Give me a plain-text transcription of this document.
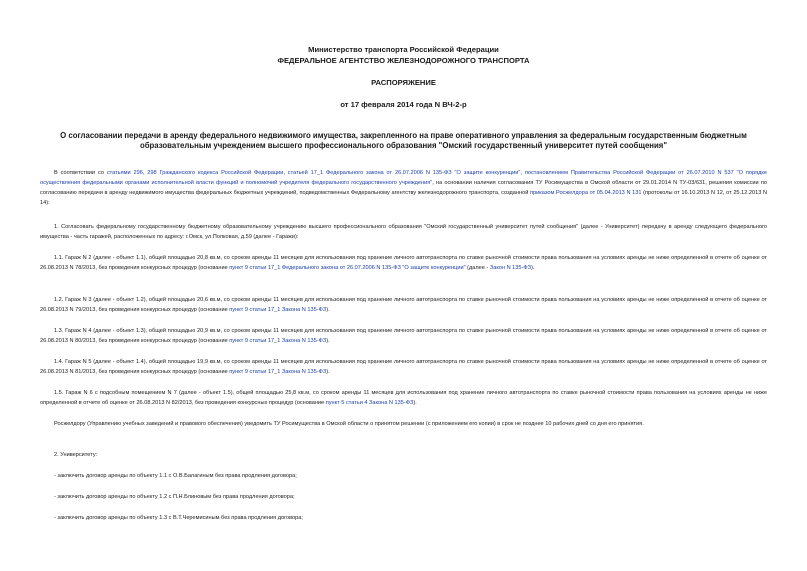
Министерство транспорта Российской Федерации
ФЕДЕРАЛЬНОЕ АГЕНТСТВО ЖЕЛЕЗНОДОРОЖНОГО ТРАНСПОРТА
РАСПОРЯЖЕНИЕ
от 17 февраля 2014 года N ВЧ-2-р
О согласовании передачи в аренду федерального недвижимого имущества, закрепленного на праве оперативного управления за федеральным государственным бюджетным образовательным учреждением высшего профессионального образования "Омский государственный университет путей сообщения"
В соответствии со статьями 296, 298 Гражданского кодекса Российской Федерации, статьей 17_1 Федерального закона от 26.07.2006 N 135-ФЗ "О защите конкуренции", постановлением Правительства Российской Федерации от 26.07.2010 N 537 "О порядке осуществления федеральными органами исполнительной власти функций и полномочий учредителя федерального государственного учреждения", на основании наличия согласования ТУ Росимущества в Омской области от 29.01.2014 N ТУ-03/631, решения комиссии по согласованию передачи в аренду недвижимого имущества федеральных бюджетных учреждений, подведомственных Федеральному агентству железнодорожного транспорта, созданной приказом Росжелдора от 05.04.2013 N 131 (протоколы от 16.10.2013 N 12, от 25.12.2013 N 14):
1. Согласовать федеральному государственному бюджетному образовательному учреждению высшего профессионального образования "Омский государственный университет путей сообщения" (далее - Университет) передачу в аренду следующего федерального имущества - часть гаражей, расположенных по адресу: г.Омск, ул.Полковая, д.59 (далее - Гаражи):
1.1. Гараж N 2 (далее - объект 1.1), общей площадью 20,8 кв.м, со сроком аренды 11 месяцев для использования под хранение личного автотранспорта по ставке рыночной стоимости права пользования на условиях аренды не ниже определенной в отчете об оценке от 26.08.2013 N 78/2013, без проведения конкурсных процедур (основание пункт 9 статьи 17_1 Федерального закона от 26.07.2006 N 135-ФЗ "О защите конкуренции" (далее - Закон N 135-ФЗ).
1.2. Гараж N 3 (далее - объект 1.2), общей площадью 20,6 кв.м, со сроком аренды 11 месяцев для использования под хранение личного автотранспорта по ставке рыночной стоимости права пользования на условиях аренды не ниже определенной в отчете об оценке от 26.08.2013 N 79/2013, без проведения конкурсных процедур (основание пункт 9 статьи 17_1 Закона N 135-ФЗ).
1.3. Гараж N 4 (далее - объект 1.3), общей площадью 20,9 кв.м, со сроком аренды 11 месяцев для использования под хранение личного автотранспорта по ставке рыночной стоимости права пользования на условиях аренды не ниже определенной в отчете об оценке от 26.08.2013 N 80/2013, без проведения конкурсных процедур (основание пункт 9 статьи 17_1 Закона N 135-ФЗ).
1.4. Гараж N 5 (далее - объект 1.4), общей площадью 19,9 кв.м, со сроком аренды 11 месяцев для использования под хранение личного автотранспорта по ставке рыночной стоимости права пользования на условиях аренды не ниже определенной в отчете об оценке от 26.08.2013 N 81/2013, без проведения конкурсных процедур (основание пункт 9 статьи 17_1 Закона N 135-ФЗ).
1.5. Гараж N 6 с подсобным помещением N 7 (далее - объект 1.5), общей площадью 25,8 кв.м, со сроком аренды 11 месяцев для использования под хранение личного автотранспорта по ставке рыночной стоимости права пользования на условиях аренды не ниже определенной в отчете об оценке от 26.08.2013 N 82/2013, без проведения конкурсных процедур (основание пункт 5 статьи 4 Закона N 135-ФЗ).
Росжелдору (Управлению учебных заведений и правового обеспечения) уведомить ТУ Росимущества в Омской области о принятом решении (с приложением его копии) в срок не позднее 10 рабочих дней со дня его принятия.
2. Университету:
- заключить договор аренды по объекту 1.1 с О.В.Балагиным без права продления договора;
- заключить договор аренды по объекту 1.2 с П.Н.Блиновым без права продления договора;
- заключить договор аренды по объекту 1.3 с В.Т.Черемисиным без права продления договора;
